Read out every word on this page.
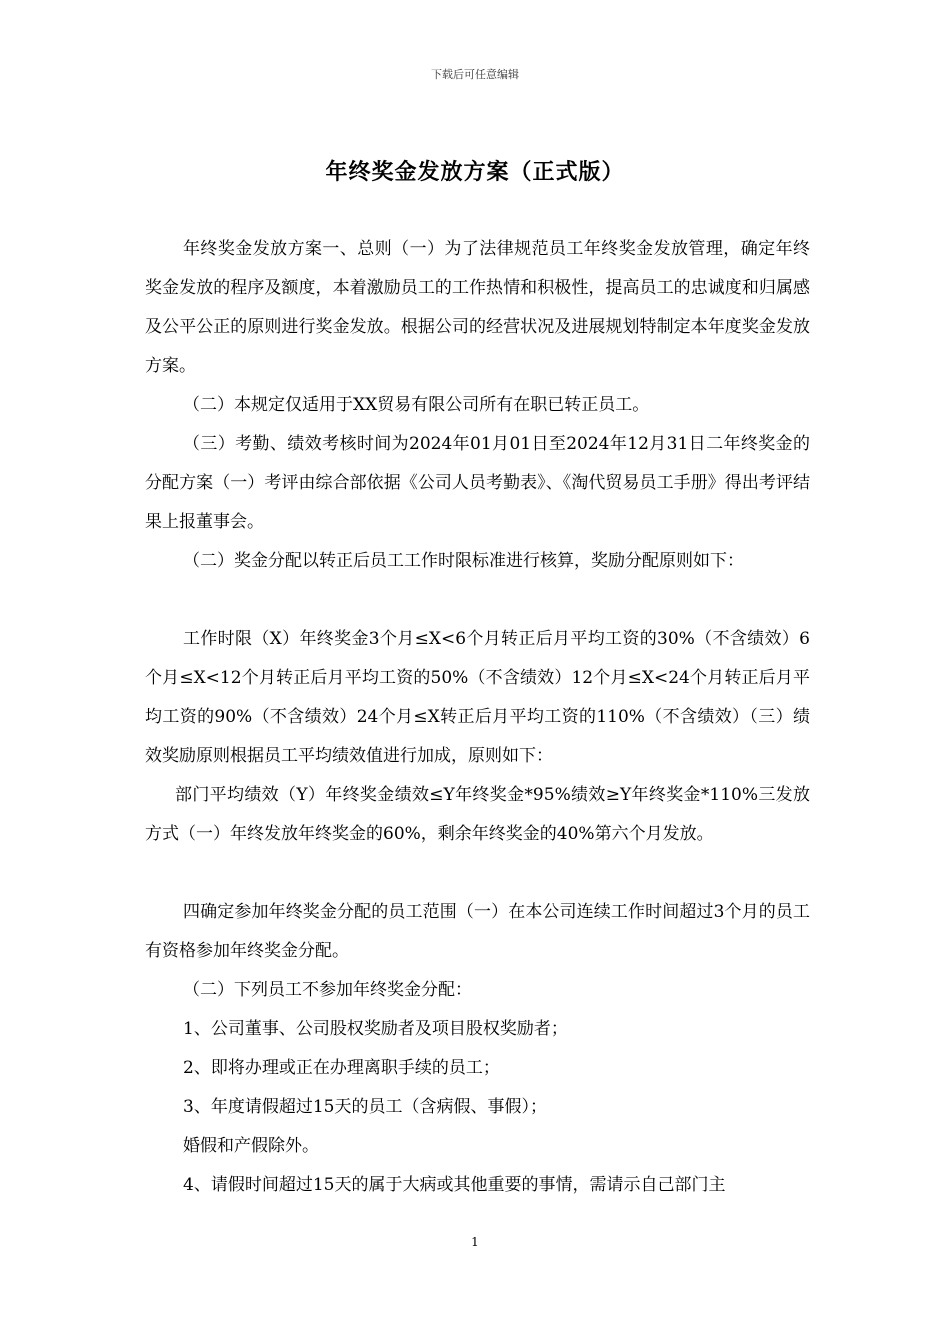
下载后可任意编辑
年终奖金发放方案（正式版）

年终奖金发放方案一、总则（一）为了法律规范员工年终奖金发放管理，确定年终奖金发放的程序及额度，本着激励员工的工作热情和积极性，提高员工的忠诚度和归属感及公平公正的原则进行奖金发放。根据公司的经营状况及进展规划特制定本年度奖金发放方案。

（二）本规定仅适用于XX贸易有限公司所有在职已转正员工。

（三）考勤、绩效考核时间为2024年01月01日至2024年12月31日二年终奖金的分配方案（一）考评由综合部依据《公司人员考勤表》、《淘代贸易员工手册》得出考评结果上报董事会。

（二）奖金分配以转正后员工工作时限标准进行核算，奖励分配原则如下：

工作时限（X）年终奖金3个月≤X<6个月转正后月平均工资的30%（不含绩效）6个月≤X<12个月转正后月平均工资的50%（不含绩效）12个月≤X<24个月转正后月平均工资的90%（不含绩效）24个月≤X转正后月平均工资的110%（不含绩效）（三）绩效奖励原则根据员工平均绩效值进行加成，原则如下：

部门平均绩效（Y）年终奖金绩效≤Y年终奖金*95%绩效≥Y年终奖金*110%三发放方式（一）年终发放年终奖金的60%，剩余年终奖金的40%第六个月发放。

四确定参加年终奖金分配的员工范围（一）在本公司连续工作时间超过3个月的员工有资格参加年终奖金分配。

（二）下列员工不参加年终奖金分配：

1、公司董事、公司股权奖励者及项目股权奖励者；

2、即将办理或正在办理离职手续的员工；

3、年度请假超过15天的员工（含病假、事假）；

婚假和产假除外。

4、请假时间超过15天的属于大病或其他重要的事情，需请示自己部门主

1
